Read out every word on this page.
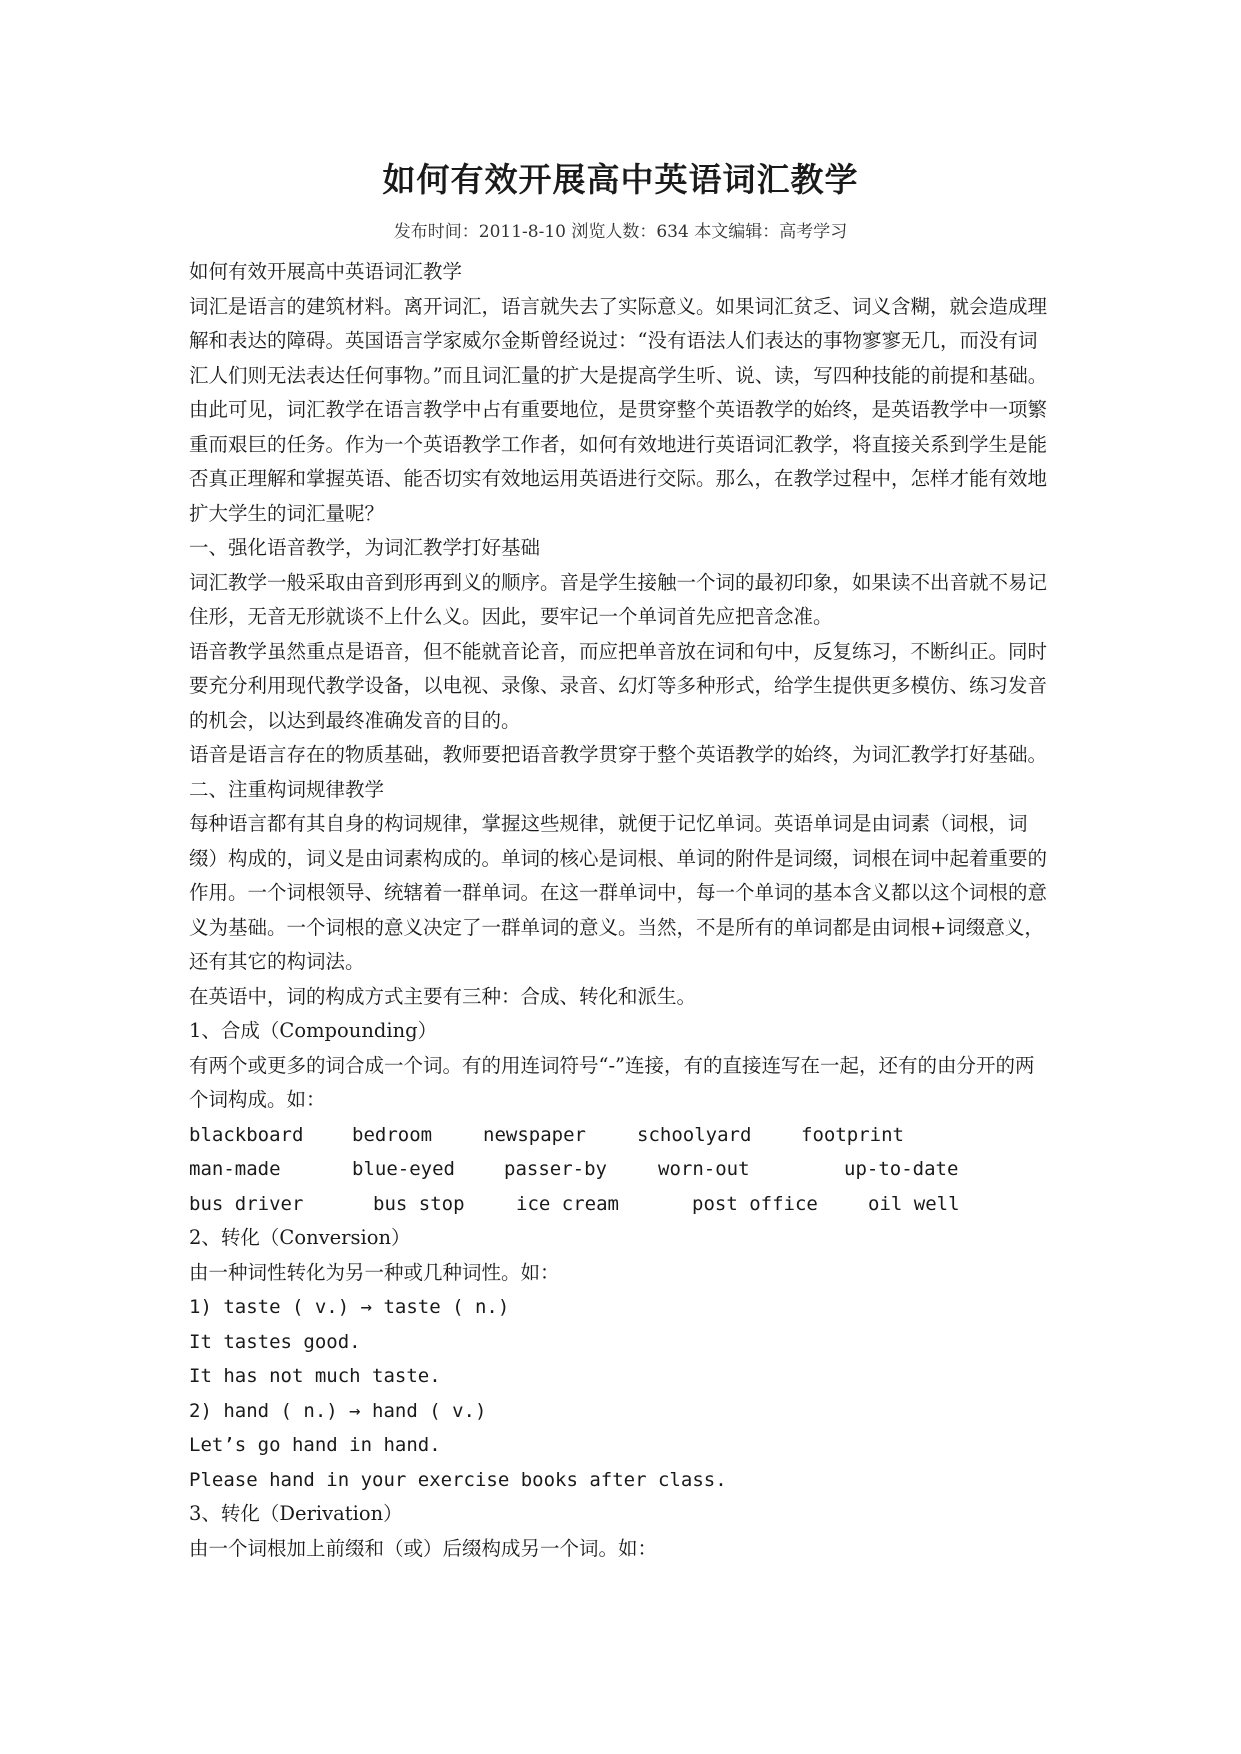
如何有效开展高中英语词汇教学
发布时间：2011-8-10 浏览人数：634 本文编辑：高考学习

如何有效开展高中英语词汇教学

词汇是语言的建筑材料。离开词汇，语言就失去了实际意义。如果词汇贫乏、词义含糊，就会造成理解和表达的障碍。英国语言学家威尔金斯曾经说过：“没有语法人们表达的事物寥寥无几，而没有词汇人们则无法表达任何事物。”而且词汇量的扩大是提高学生听、说、读，写四种技能的前提和基础。由此可见，词汇教学在语言教学中占有重要地位，是贯穿整个英语教学的始终，是英语教学中一项繁重而艰巨的任务。作为一个英语教学工作者，如何有效地进行英语词汇教学，将直接关系到学生是能否真正理解和掌握英语、能否切实有效地运用英语进行交际。那么，在教学过程中，怎样才能有效地扩大学生的词汇量呢？

一、强化语音教学，为词汇教学打好基础

词汇教学一般采取由音到形再到义的顺序。音是学生接触一个词的最初印象，如果读不出音就不易记住形，无音无形就谈不上什么义。因此，要牢记一个单词首先应把音念准。

语音教学虽然重点是语音，但不能就音论音，而应把单音放在词和句中，反复练习，不断纠正。同时要充分利用现代教学设备，以电视、录像、录音、幻灯等多种形式，给学生提供更多模仿、练习发音的机会，以达到最终准确发音的目的。

语音是语言存在的物质基础，教师要把语音教学贯穿于整个英语教学的始终，为词汇教学打好基础。

二、注重构词规律教学

每种语言都有其自身的构词规律，掌握这些规律，就便于记忆单词。英语单词是由词素（词根，词缀）构成的，词义是由词素构成的。单词的核心是词根、单词的附件是词缀，词根在词中起着重要的作用。一个词根领导、统辖着一群单词。在这一群单词中，每一个单词的基本含义都以这个词根的意义为基础。一个词根的意义决定了一群单词的意义。当然，不是所有的单词都是由词根+词缀意义，还有其它的构词法。

在英语中，词的构成方式主要有三种：合成、转化和派生。

1、合成（Compounding）

有两个或更多的词合成一个词。有的用连词符号“-”连接，有的直接连写在一起，还有的由分开的两个词构成。如：

blackboard	bedroom	newspaper	schoolyard	footprint
man-made	blue-eyed	passer-by	worn-out	up-to-date
bus driver	bus stop	ice cream	post office	oil well

2、转化（Conversion）

由一种词性转化为另一种或几种词性。如：

1) taste ( v.) → taste ( n.)

It tastes good.

It has not much taste.

2) hand ( n.) → hand ( v.)

Let’s go hand in hand.

Please hand in your exercise books after class.

3、转化（Derivation）

由一个词根加上前缀和（或）后缀构成另一个词。如：
